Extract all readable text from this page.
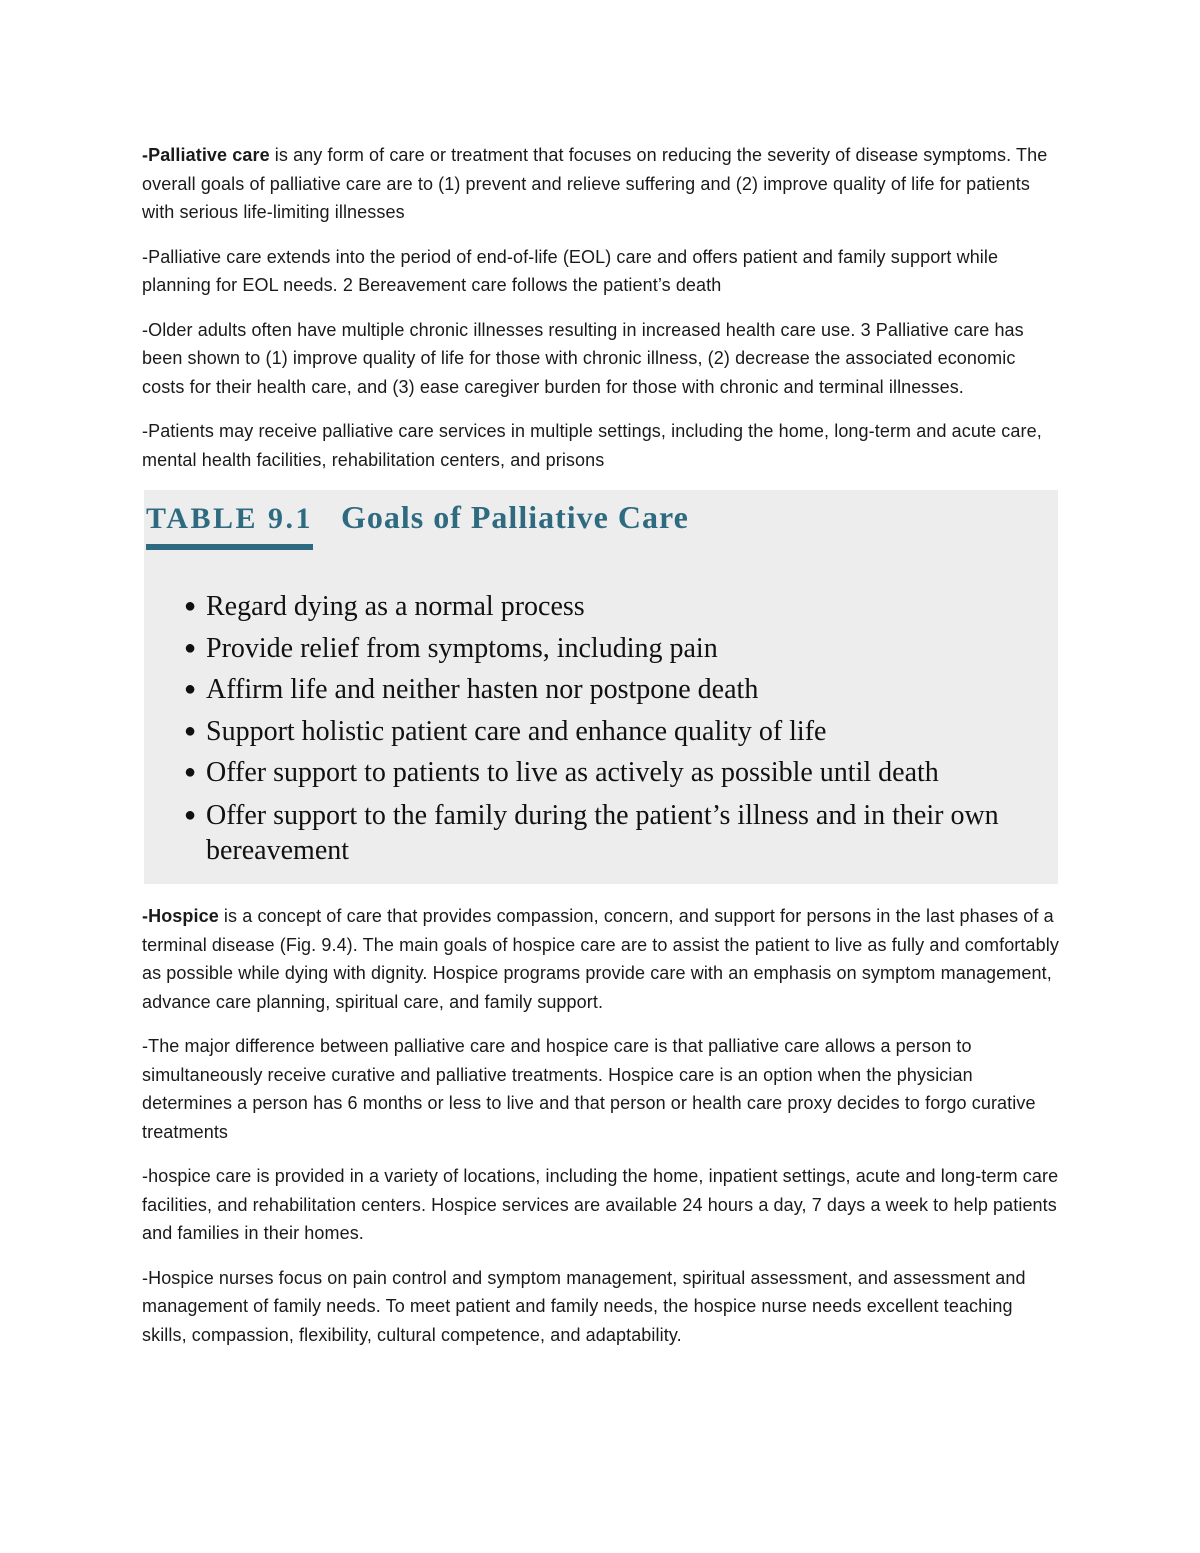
-Palliative care is any form of care or treatment that focuses on reducing the severity of disease symptoms. The overall goals of palliative care are to (1) prevent and relieve suffering and (2) improve quality of life for patients with serious life-limiting illnesses

-Palliative care extends into the period of end-of-life (EOL) care and offers patient and family support while planning for EOL needs. 2 Bereavement care follows the patient’s death

-Older adults often have multiple chronic illnesses resulting in increased health care use. 3 Palliative care has been shown to (1) improve quality of life for those with chronic illness, (2) decrease the associated economic costs for their health care, and (3) ease caregiver burden for those with chronic and terminal illnesses.

-Patients may receive palliative care services in multiple settings, including the home, long-term and acute care, mental health facilities, rehabilitation centers, and prisons

TABLE 9.1 Goals of Palliative Care
● Regard dying as a normal process
● Provide relief from symptoms, including pain
● Affirm life and neither hasten nor postpone death
● Support holistic patient care and enhance quality of life
● Offer support to patients to live as actively as possible until death
● Offer support to the family during the patient’s illness and in their own bereavement

-Hospice is a concept of care that provides compassion, concern, and support for persons in the last phases of a terminal disease (Fig. 9.4). The main goals of hospice care are to assist the patient to live as fully and comfortably as possible while dying with dignity. Hospice programs provide care with an emphasis on symptom management, advance care planning, spiritual care, and family support.

-The major difference between palliative care and hospice care is that palliative care allows a person to simultaneously receive curative and palliative treatments. Hospice care is an option when the physician determines a person has 6 months or less to live and that person or health care proxy decides to forgo curative treatments

-hospice care is provided in a variety of locations, including the home, inpatient settings, acute and long-term care facilities, and rehabilitation centers. Hospice services are available 24 hours a day, 7 days a week to help patients and families in their homes.

-Hospice nurses focus on pain control and symptom management, spiritual assessment, and assessment and management of family needs. To meet patient and family needs, the hospice nurse needs excellent teaching skills, compassion, flexibility, cultural competence, and adaptability.
